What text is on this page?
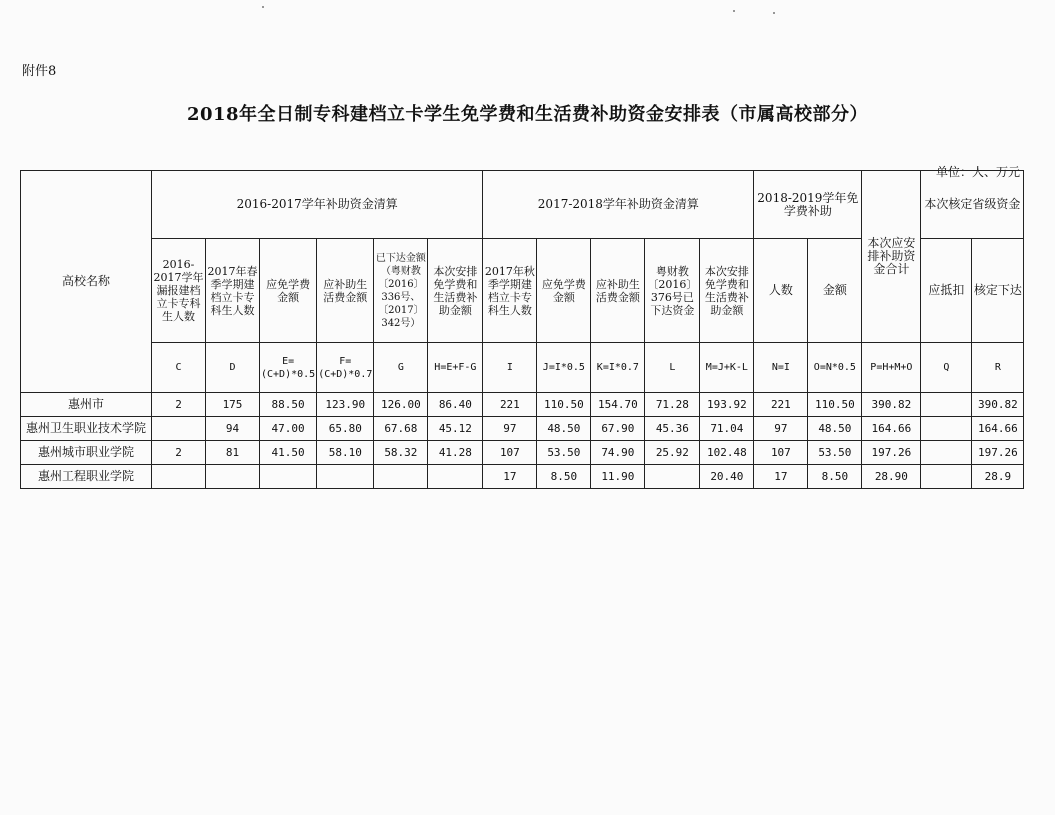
附件8
2018年全日制专科建档立卡学生免学费和生活费补助资金安排表（市属高校部分）
单位：人、万元
高校名称	2016-2017学年补助资金清算						2017-2018学年补助资金清算					2018-2019学年免学费补助		本次应安排补助资金合计	本次核定省级资金	
	2016-2017学年漏报建档立卡专科生人数	2017年春季学期建档立卡专科生人数	应免学费金额	应补助生活费金额	已下达金额（粤财教〔2016〕336号、〔2017〕342号）	本次安排免学费和生活费补助金额	2017年秋季学期建档立卡专科生人数	应免学费金额	应补助生活费金额	粤财教〔2016〕376号已下达资金	本次安排免学费和生活费补助金额	人数	金额		应抵扣	核定下达
	C	D	E=(C+D)*0.5	F=(C+D)*0.7	G	H=E+F-G	I	J=I*0.5	K=I*0.7	L	M=J+K-L	N=I	O=N*0.5	P=H+M+O	Q	R
惠州市	2	175	88.50	123.90	126.00	86.40	221	110.50	154.70	71.28	193.92	221	110.50	390.82		390.82
惠州卫生职业技术学院		94	47.00	65.80	67.68	45.12	97	48.50	67.90	45.36	71.04	97	48.50	164.66		164.66
惠州城市职业学院	2	81	41.50	58.10	58.32	41.28	107	53.50	74.90	25.92	102.48	107	53.50	197.26		197.26
惠州工程职业学院							17	8.50	11.90		20.40	17	8.50	28.90		28.9
